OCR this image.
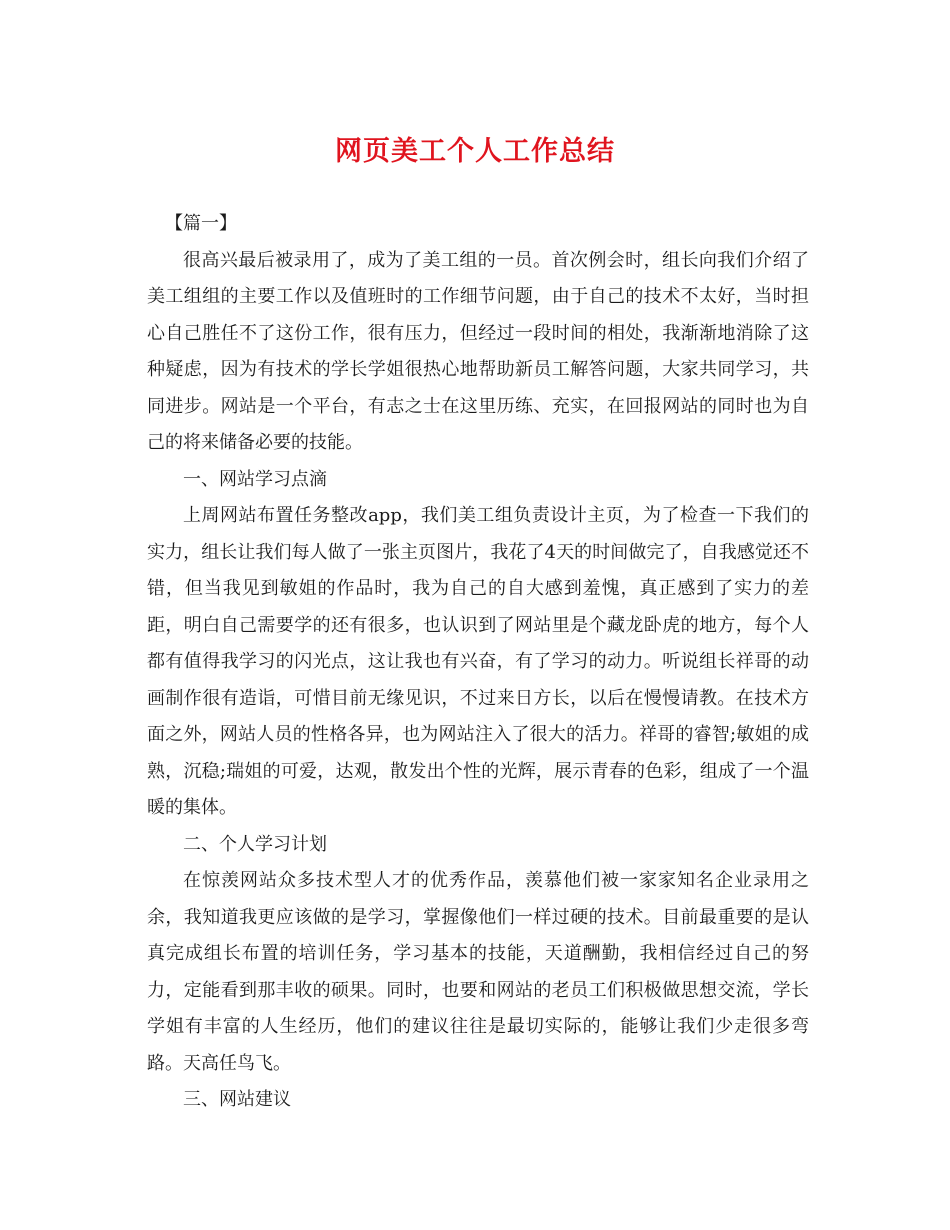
网页美工个人工作总结

【篇一】

很高兴最后被录用了，成为了美工组的一员。首次例会时，组长向我们介绍了美工组组的主要工作以及值班时的工作细节问题，由于自己的技术不太好，当时担心自己胜任不了这份工作，很有压力，但经过一段时间的相处，我渐渐地消除了这种疑虑，因为有技术的学长学姐很热心地帮助新员工解答问题，大家共同学习，共同进步。网站是一个平台，有志之士在这里历练、充实，在回报网站的同时也为自己的将来储备必要的技能。

一、网站学习点滴

上周网站布置任务整改app，我们美工组负责设计主页，为了检查一下我们的实力，组长让我们每人做了一张主页图片，我花了4天的时间做完了，自我感觉还不错，但当我见到敏姐的作品时，我为自己的自大感到羞愧，真正感到了实力的差距，明白自己需要学的还有很多，也认识到了网站里是个藏龙卧虎的地方，每个人都有值得我学习的闪光点，这让我也有兴奋，有了学习的动力。听说组长祥哥的动画制作很有造诣，可惜目前无缘见识，不过来日方长，以后在慢慢请教。在技术方面之外，网站人员的性格各异，也为网站注入了很大的活力。祥哥的睿智;敏姐的成熟，沉稳;瑞姐的可爱，达观，散发出个性的光辉，展示青春的色彩，组成了一个温暖的集体。

二、个人学习计划

在惊羡网站众多技术型人才的优秀作品，羡慕他们被一家家知名企业录用之余，我知道我更应该做的是学习，掌握像他们一样过硬的技术。目前最重要的是认真完成组长布置的培训任务，学习基本的技能，天道酬勤，我相信经过自己的努力，定能看到那丰收的硕果。同时，也要和网站的老员工们积极做思想交流，学长学姐有丰富的人生经历，他们的建议往往是最切实际的，能够让我们少走很多弯路。天高任鸟飞。

三、网站建议
